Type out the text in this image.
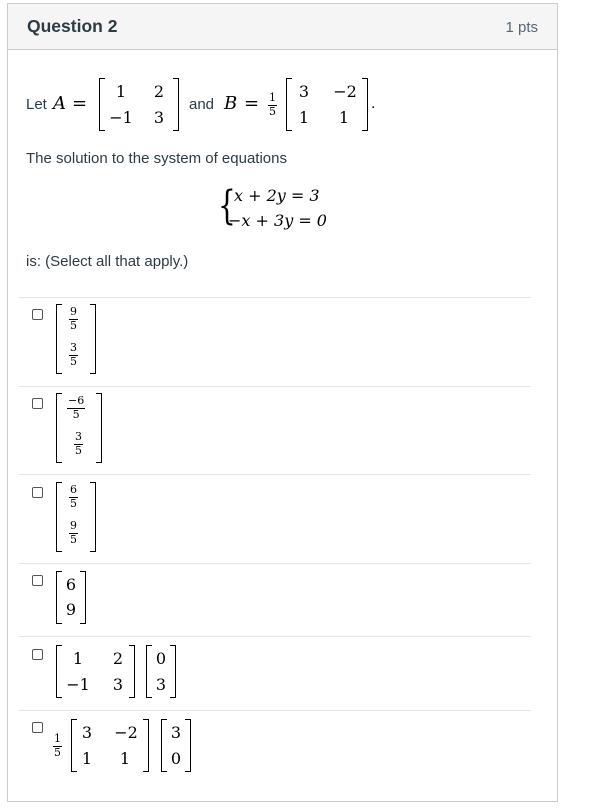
Question 2	1 pts
Let A =
1	2
−1	3
and B = 1
5
3	−2
1	1
.
The solution to the system of equations
{
x + 2y = 3
−x + 3y = 0
is: (Select all that apply.)
9
5
3
5
−6
5
3
5
6
5
9
5
6
9
1	2
−1	3
0
3
1
5
3	−2
1	1
3
0
